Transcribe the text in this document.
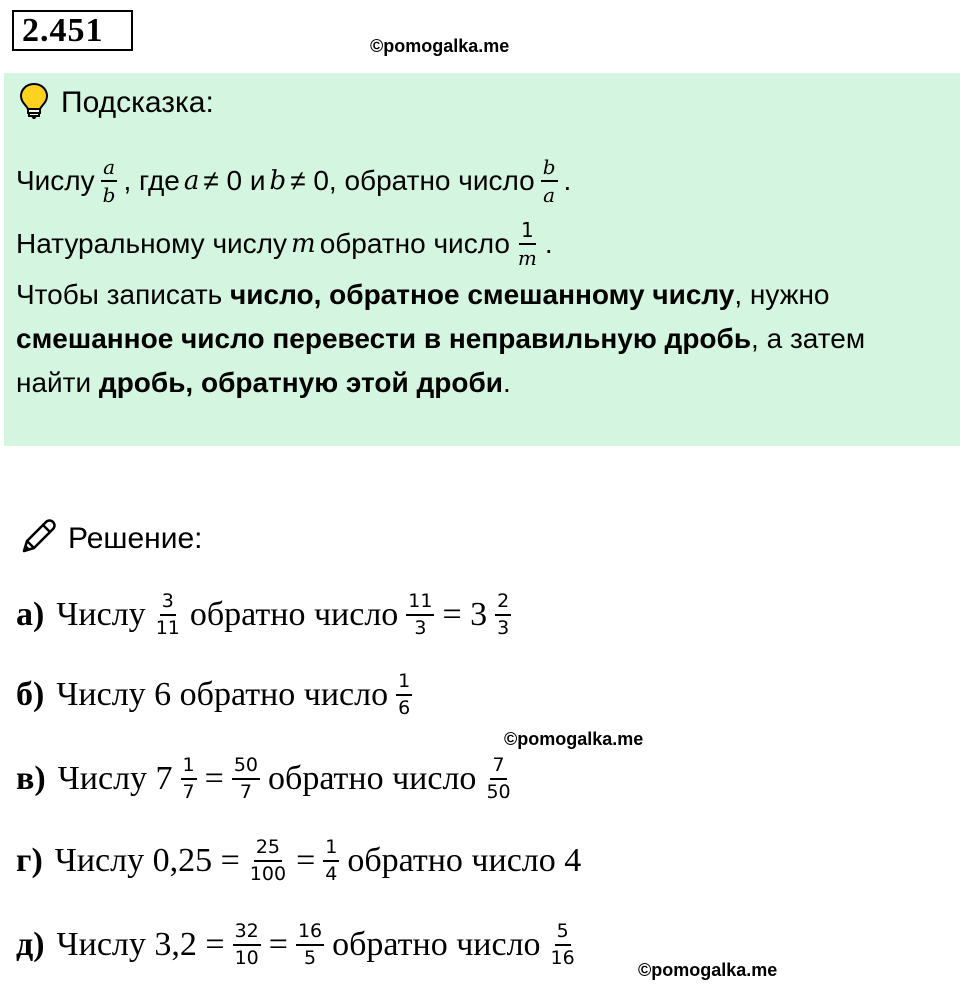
2.451	©pomogalka.me
Подсказка:
Числу $\frac{a}{b}$ , где a ≠ 0 и b ≠ 0, обратно число $\frac{b}{a}$ .
Натуральному числу m обратно число $\frac{1}{m}$ .
Чтобы записать число, обратное смешанному числу , нужно
смешанное число перевести в неправильную дробь , а затем
найти дробь, обратную этой дроби .
Решение:
а) Числу $\frac{3}{11}$ обратно число $\frac{11}{3} = 3 \frac{2}{3}$
б) Числу 6 обратно число $\frac{1}{6}$
©pomogalka.me
в) Числу $7 \frac{1}{7} = \frac{50}{7}$ обратно число $\frac{7}{50}$
г) Числу $0,25 = \frac{25}{100} = \frac{1}{4}$ обратно число 4
д) Числу $3,2 = \frac{32}{10} = \frac{16}{5}$ обратно число $\frac{5}{16}$
©pomogalka.me
